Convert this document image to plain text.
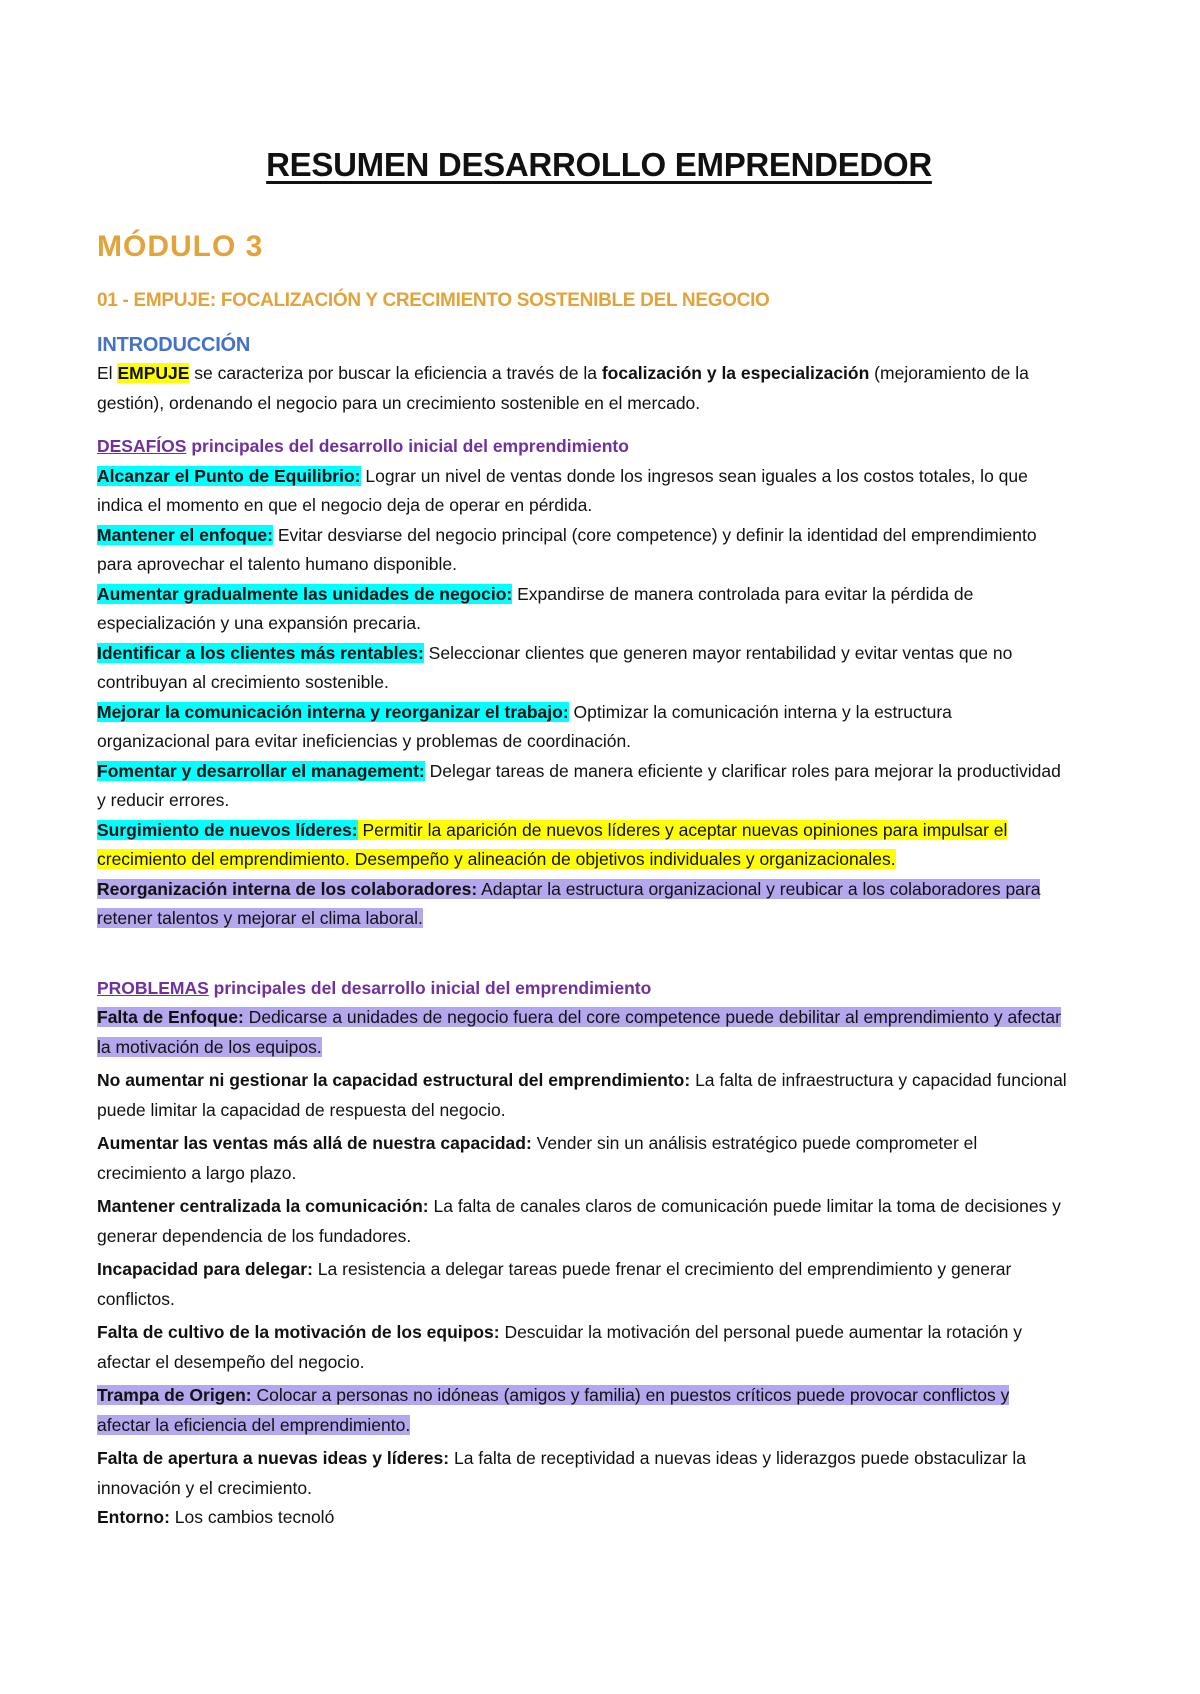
RESUMEN DESARROLLO EMPRENDEDOR
MÓDULO 3
01 - EMPUJE: FOCALIZACIÓN Y CRECIMIENTO SOSTENIBLE DEL NEGOCIO
INTRODUCCIÓN

El EMPUJE se caracteriza por buscar la eficiencia a través de la focalización y la especialización (mejoramiento de la gestión), ordenando el negocio para un crecimiento sostenible en el mercado.

DESAFÍOS principales del desarrollo inicial del emprendimiento

Alcanzar el Punto de Equilibrio: Lograr un nivel de ventas donde los ingresos sean iguales a los costos totales, lo que indica el momento en que el negocio deja de operar en pérdida.

Mantener el enfoque: Evitar desviarse del negocio principal (core competence) y definir la identidad del emprendimiento para aprovechar el talento humano disponible.

Aumentar gradualmente las unidades de negocio: Expandirse de manera controlada para evitar la pérdida de especialización y una expansión precaria.

Identificar a los clientes más rentables: Seleccionar clientes que generen mayor rentabilidad y evitar ventas que no contribuyan al crecimiento sostenible.

Mejorar la comunicación interna y reorganizar el trabajo: Optimizar la comunicación interna y la estructura organizacional para evitar ineficiencias y problemas de coordinación.

Fomentar y desarrollar el management: Delegar tareas de manera eficiente y clarificar roles para mejorar la productividad y reducir errores.

Surgimiento de nuevos líderes: Permitir la aparición de nuevos líderes y aceptar nuevas opiniones para impulsar el crecimiento del emprendimiento. Desempeño y alineación de objetivos individuales y organizacionales.

Reorganización interna de los colaboradores: Adaptar la estructura organizacional y reubicar a los colaboradores para retener talentos y mejorar el clima laboral.

PROBLEMAS principales del desarrollo inicial del emprendimiento

Falta de Enfoque: Dedicarse a unidades de negocio fuera del core competence puede debilitar al emprendimiento y afectar la motivación de los equipos.

No aumentar ni gestionar la capacidad estructural del emprendimiento: La falta de infraestructura y capacidad funcional puede limitar la capacidad de respuesta del negocio.

Aumentar las ventas más allá de nuestra capacidad: Vender sin un análisis estratégico puede comprometer el crecimiento a largo plazo.

Mantener centralizada la comunicación: La falta de canales claros de comunicación puede limitar la toma de decisiones y generar dependencia de los fundadores.

Incapacidad para delegar: La resistencia a delegar tareas puede frenar el crecimiento del emprendimiento y generar conflictos.

Falta de cultivo de la motivación de los equipos: Descuidar la motivación del personal puede aumentar la rotación y afectar el desempeño del negocio.

Trampa de Origen: Colocar a personas no idóneas (amigos y familia) en puestos críticos puede provocar conflictos y afectar la eficiencia del emprendimiento.

Falta de apertura a nuevas ideas y líderes: La falta de receptividad a nuevas ideas y liderazgos puede obstaculizar la innovación y el crecimiento.

Entorno: Los cambios tecnoló
